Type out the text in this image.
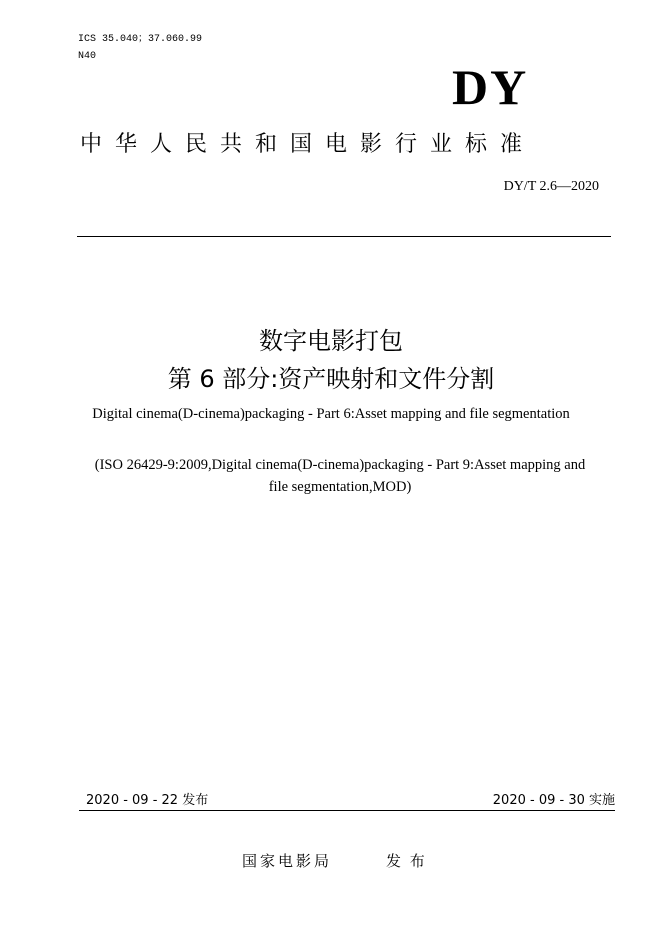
ICS 35.040；37.060.99
N40
DY
中华人民共和国电影行业标准
DY/T 2.6—2020
数字电影打包
第 6 部分:资产映射和文件分割
Digital cinema(D-cinema)packaging - Part 6:Asset mapping and file segmentation
(ISO 26429-9:2009,Digital cinema(D-cinema)packaging - Part 9:Asset mapping and
file segmentation,MOD)
2020 - 09 - 22 发布	2020 - 09 - 30 实施
国家电影局	发 布
